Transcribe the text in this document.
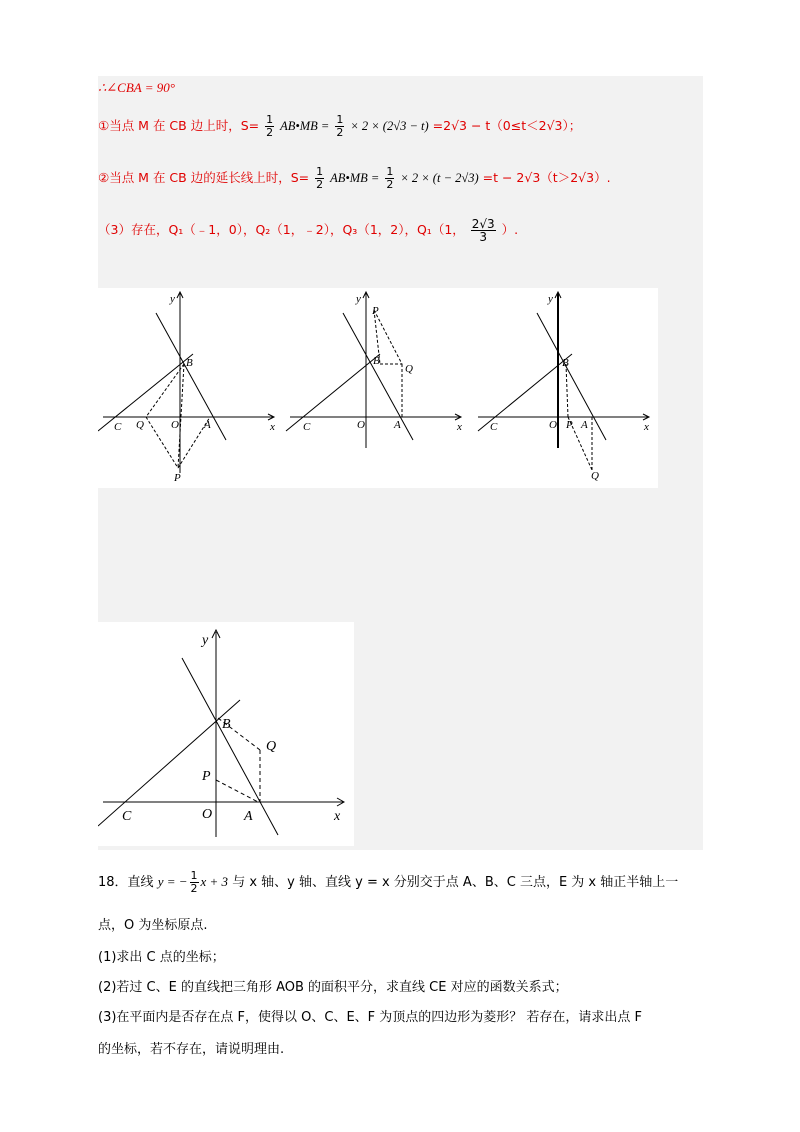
∴∠CBA = 90°
①当点 M 在 CB 边上时，$S= \frac{1}{2}$ AB•MB = $\frac{1}{2} \times 2 \times (2√3 - t) =2√3 - t(0\le t<2√3)$；
②当点 M 在 CB 边的延长线上时，$S= \frac{1}{2}$ AB•MB = $\frac{1}{2} \times 2 \times (t - 2√3) =t - 2√3(t>2√3)$.
（3）存在，Q₁（﹣1，0），Q₂（1，﹣2），Q₃（1，2），Q₁（1， $\frac{2√3}{3}$ ）.
y
x
B
C Q O A
P
y
x
P
B
Q
C	O	A
y
x
B
C	O P A
Q
y
x
B
Q
P
C	O A
18．直线 y = − $\frac{1}{2}$ x + 3 与 x 轴、y 轴、直线 y = x 分别交于点 A、B、C 三点，E 为 x 轴正半轴上一
点，O 为坐标原点.
(1)求出 C 点的坐标；
(2)若过 C、E 的直线把三角形 AOB 的面积平分，求直线 CE 对应的函数关系式；
(3)在平面内是否存在点 F，使得以 O、C、E、F 为顶点的四边形为菱形？ 若存在，请求出点 F
的坐标，若不存在，请说明理由.
